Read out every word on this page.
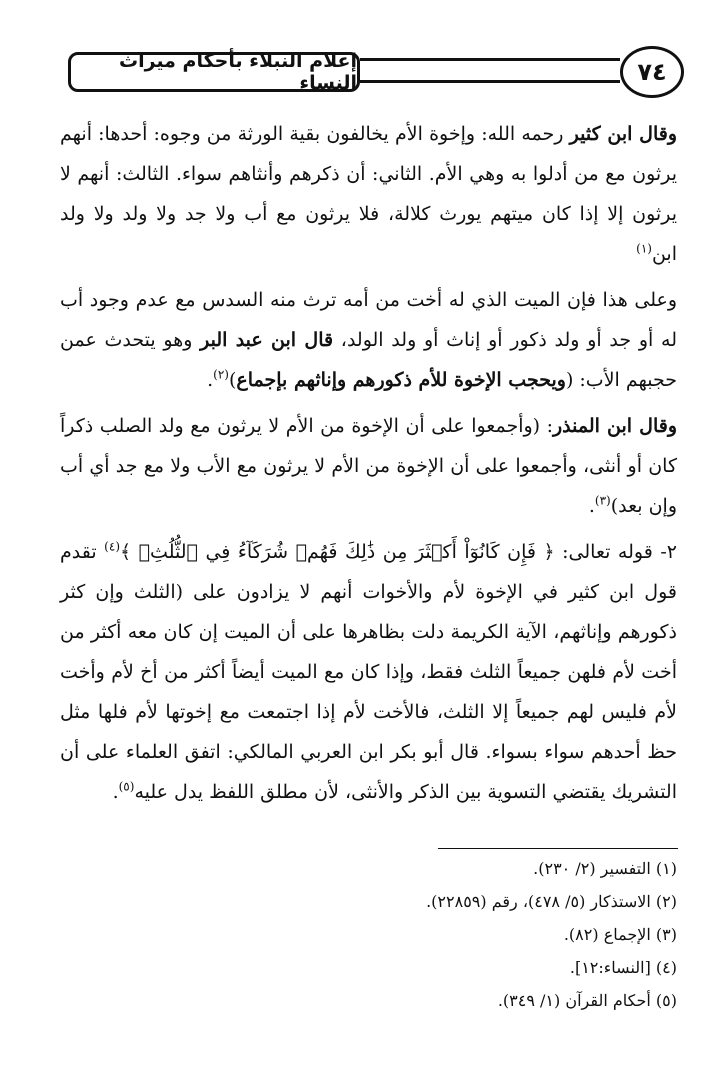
٧٤
إعلام النبلاء بأحكام ميراث النساء

وقال ابن كثير رحمه الله: وإخوة الأم يخالفون بقية الورثة من وجوه: أحدها: أنهم يرثون مع من أدلوا به وهي الأم. الثاني: أن ذكرهم وأنثاهم سواء. الثالث: أنهم لا يرثون إلا إذا كان ميتهم يورث كلالة، فلا يرثون مع أب ولا جد ولا ولد ولا ولد ابن$^{(١)}$

وعلى هذا فإن الميت الذي له أخت من أمه ترث منه السدس مع عدم وجود أب له أو جد أو ولد ذكور أو إناث أو ولد الولد، قال ابن عبد البر وهو يتحدث عمن حجبهم الأب: (ويحجب الإخوة للأم ذكورهم وإناثهم بإجماع)$^{(٢)}$.

وقال ابن المنذر: (وأجمعوا على أن الإخوة من الأم لا يرثون مع ولد الصلب ذكراً كان أو أنثى، وأجمعوا على أن الإخوة من الأم لا يرثون مع الأب ولا مع جد أي أب وإن بعد)$^{(٣)}$.

٢- قوله تعالى: ﴿ فَإِن كَانُوٓاْ أَكۡثَرَ مِن ذَٰلِكَ فَهُمۡ شُرَكَآءُ فِي ٱلثُّلُثِۚ ﴾$^{(٤)}$ تقدم قول ابن كثير في الإخوة لأم والأخوات أنهم لا يزادون على (الثلث وإن كثر ذكورهم وإناثهم، الآية الكريمة دلت بظاهرها على أن الميت إن كان معه أكثر من أخت لأم فلهن جميعاً الثلث فقط، وإذا كان مع الميت أيضاً أكثر من أخ لأم وأخت لأم فليس لهم جميعاً إلا الثلث، فالأخت لأم إذا اجتمعت مع إخوتها لأم فلها مثل حظ أحدهم سواء بسواء. قال أبو بكر ابن العربي المالكي: اتفق العلماء على أن التشريك يقتضي التسوية بين الذكر والأنثى، لأن مطلق اللفظ يدل عليه$^{(٥)}$.

(١) التفسير (٢/ ٢٣٠).
(٢) الاستذكار (٥/ ٤٧٨)، رقم (٢٢٨٥٩).
(٣) الإجماع (٨٢).
(٤) [النساء:١٢].
(٥) أحكام القرآن (١/ ٣٤٩).
